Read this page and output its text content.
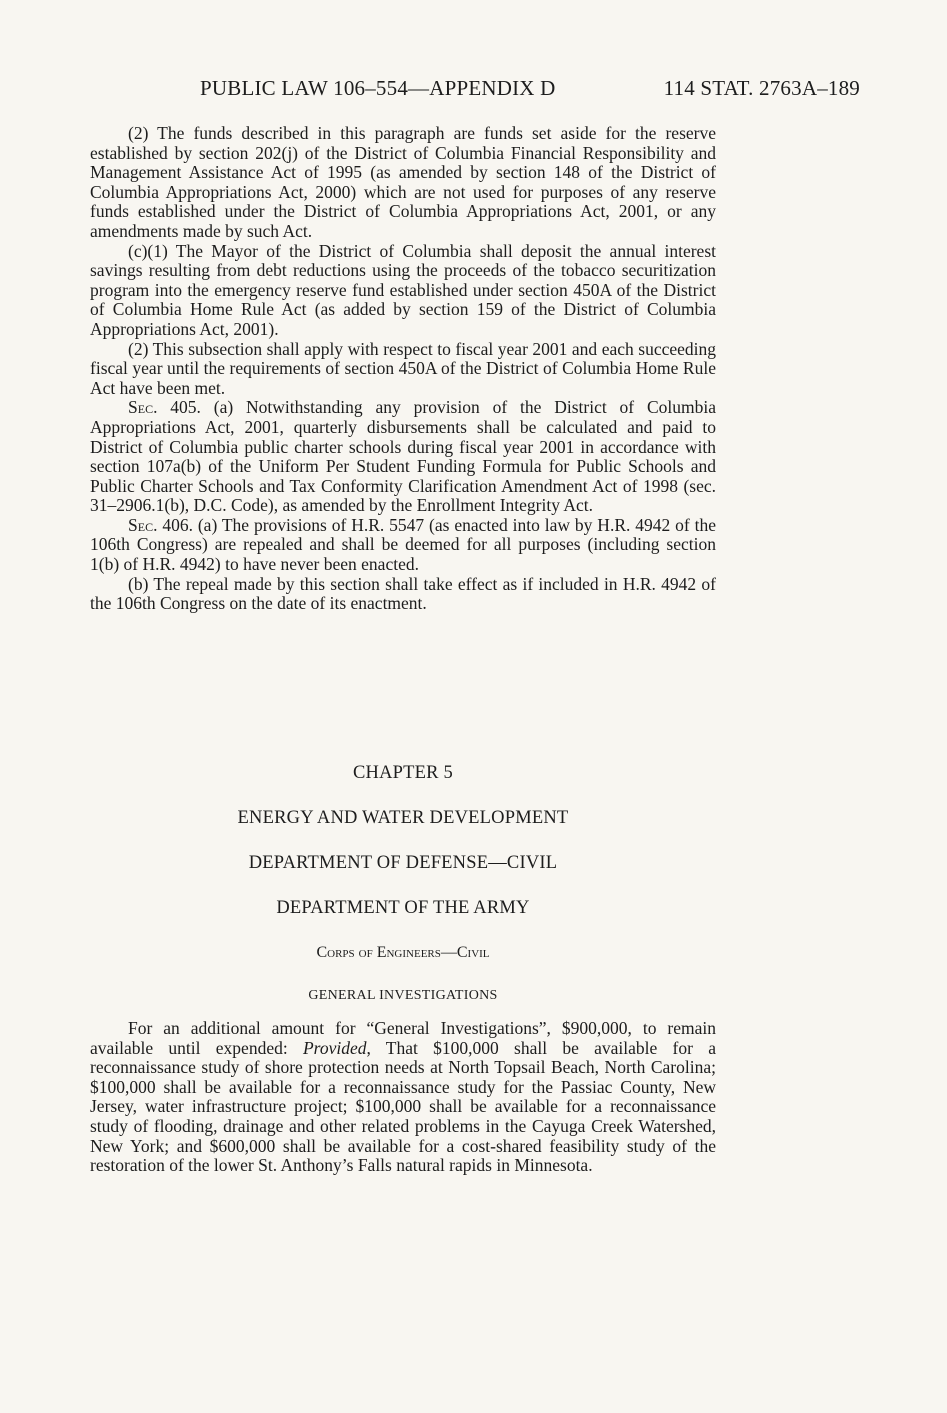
PUBLIC LAW 106–554—APPENDIX D	114 STAT. 2763A–189

(2) The funds described in this paragraph are funds set aside for the reserve established by section 202(j) of the District of Columbia Financial Responsibility and Management Assistance Act of 1995 (as amended by section 148 of the District of Columbia Appropriations Act, 2000) which are not used for purposes of any reserve funds established under the District of Columbia Appropriations Act, 2001, or any amendments made by such Act.

(c)(1) The Mayor of the District of Columbia shall deposit the annual interest savings resulting from debt reductions using the proceeds of the tobacco securitization program into the emergency reserve fund established under section 450A of the District of Columbia Home Rule Act (as added by section 159 of the District of Columbia Appropriations Act, 2001).

(2) This subsection shall apply with respect to fiscal year 2001 and each succeeding fiscal year until the requirements of section 450A of the District of Columbia Home Rule Act have been met.

Sec. 405. (a) Notwithstanding any provision of the District of Columbia Appropriations Act, 2001, quarterly disbursements shall be calculated and paid to District of Columbia public charter schools during fiscal year 2001 in accordance with section 107a(b) of the Uniform Per Student Funding Formula for Public Schools and Public Charter Schools and Tax Conformity Clarification Amendment Act of 1998 (sec. 31–2906.1(b), D.C. Code), as amended by the Enrollment Integrity Act.

Sec. 406. (a) The provisions of H.R. 5547 (as enacted into law by H.R. 4942 of the 106th Congress) are repealed and shall be deemed for all purposes (including section 1(b) of H.R. 4942) to have never been enacted.

(b) The repeal made by this section shall take effect as if included in H.R. 4942 of the 106th Congress on the date of its enactment.

CHAPTER 5
ENERGY AND WATER DEVELOPMENT
DEPARTMENT OF DEFENSE—CIVIL
DEPARTMENT OF THE ARMY
Corps of Engineers—Civil
GENERAL INVESTIGATIONS

For an additional amount for “General Investigations”, $900,000, to remain available until expended: Provided, That $100,000 shall be available for a reconnaissance study of shore protection needs at North Topsail Beach, North Carolina; $100,000 shall be available for a reconnaissance study for the Passiac County, New Jersey, water infrastructure project; $100,000 shall be available for a reconnaissance study of flooding, drainage and other related problems in the Cayuga Creek Watershed, New York; and $600,000 shall be available for a cost-shared feasibility study of the restoration of the lower St. Anthony’s Falls natural rapids in Minnesota.
